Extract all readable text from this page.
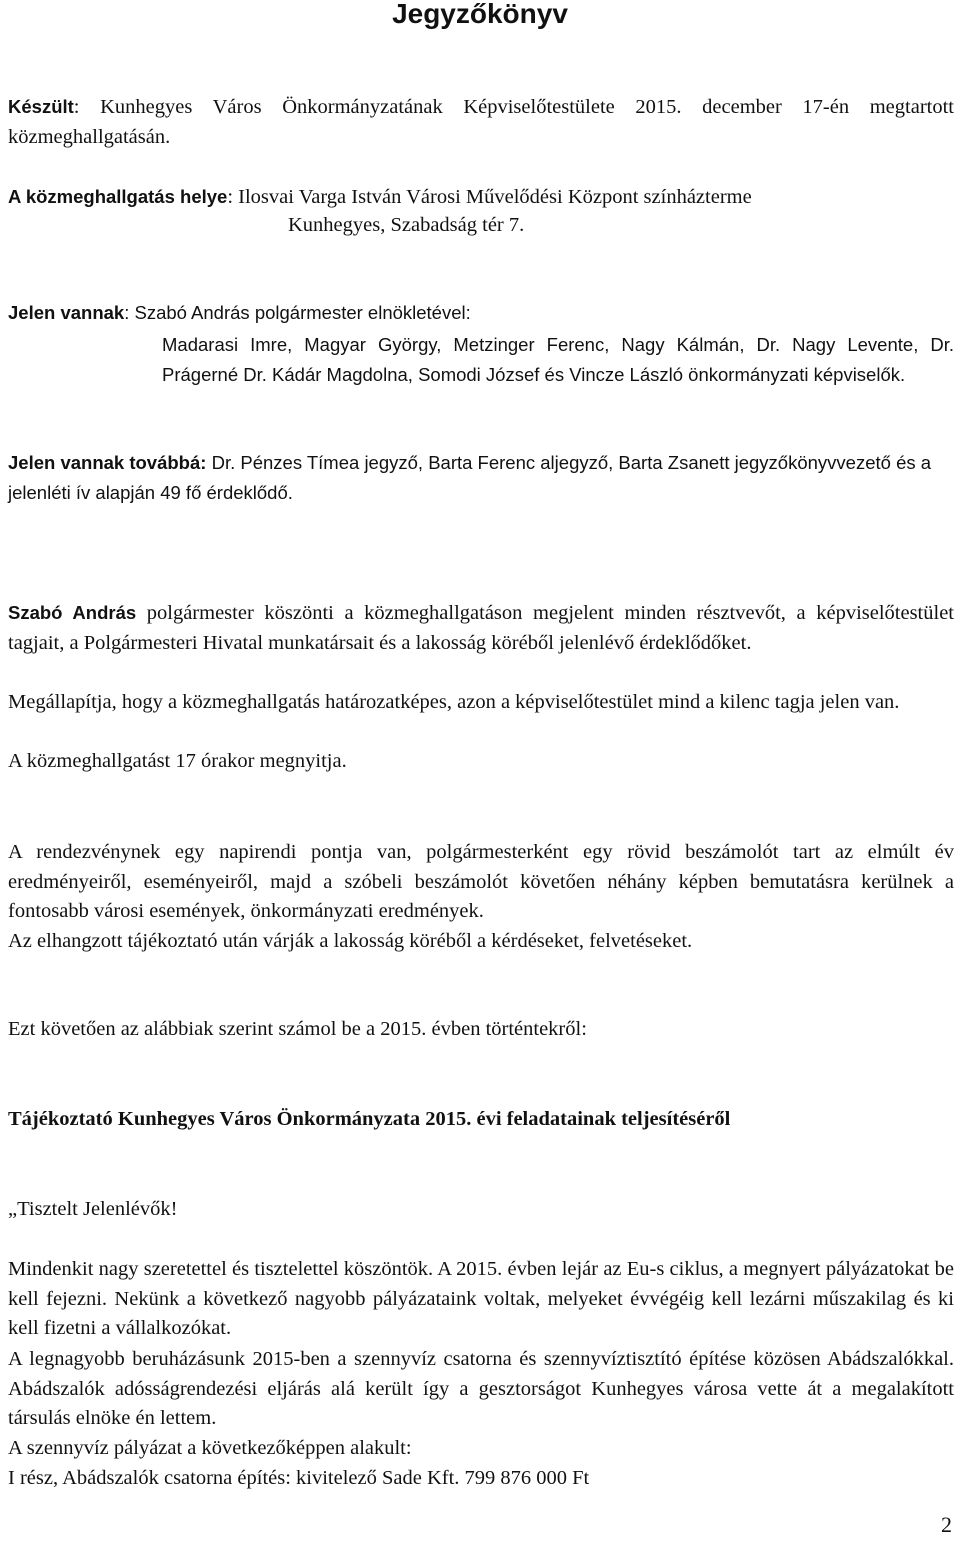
Jegyzőkönyv

Készült: Kunhegyes Város Önkormányzatának Képviselőtestülete 2015. december 17-én megtartott közmeghallgatásán.

A közmeghallgatás helye: Ilosvai Varga István Városi Művelődési Központ színházterme

Kunhegyes, Szabadság tér 7.

Jelen vannak: Szabó András polgármester elnökletével:

Madarasi Imre, Magyar György, Metzinger Ferenc, Nagy Kálmán, Dr. Nagy Levente, Dr. Prágerné Dr. Kádár Magdolna, Somodi József és Vincze László önkormányzati képviselők.

Jelen vannak továbbá: Dr. Pénzes Tímea jegyző, Barta Ferenc aljegyző, Barta Zsanett jegyzőkönyvvezető és a jelenléti ív alapján 49 fő érdeklődő.

Szabó András polgármester köszönti a közmeghallgatáson megjelent minden résztvevőt, a képviselőtestület tagjait, a Polgármesteri Hivatal munkatársait és a lakosság köréből jelenlévő érdeklődőket.

Megállapítja, hogy a közmeghallgatás határozatképes, azon a képviselőtestület mind a kilenc tagja jelen van.

A közmeghallgatást 17 órakor megnyitja.

A rendezvénynek egy napirendi pontja van, polgármesterként egy rövid beszámolót tart az elmúlt év eredményeiről, eseményeiről, majd a szóbeli beszámolót követően néhány képben bemutatásra kerülnek a fontosabb városi események, önkormányzati eredmények.

Az elhangzott tájékoztató után várják a lakosság köréből a kérdéseket, felvetéseket.

Ezt követően az alábbiak szerint számol be a 2015. évben történtekről:

Tájékoztató Kunhegyes Város Önkormányzata 2015. évi feladatainak teljesítéséről

„Tisztelt Jelenlévők!

Mindenkit nagy szeretettel és tisztelettel köszöntök. A 2015. évben lejár az Eu-s ciklus, a megnyert pályázatokat be kell fejezni. Nekünk a következő nagyobb pályázataink voltak, melyeket évvégéig kell lezárni műszakilag és ki kell fizetni a vállalkozókat.

A legnagyobb beruházásunk 2015-ben a szennyvíz csatorna és szennyvíztisztító építése közösen Abádszalókkal. Abádszalók adósságrendezési eljárás alá került így a gesztorságot Kunhegyes városa vette át a megalakított társulás elnöke én lettem.

A szennyvíz pályázat a következőképpen alakult:

I rész, Abádszalók csatorna építés: kivitelező Sade Kft. 799 876 000 Ft

2
